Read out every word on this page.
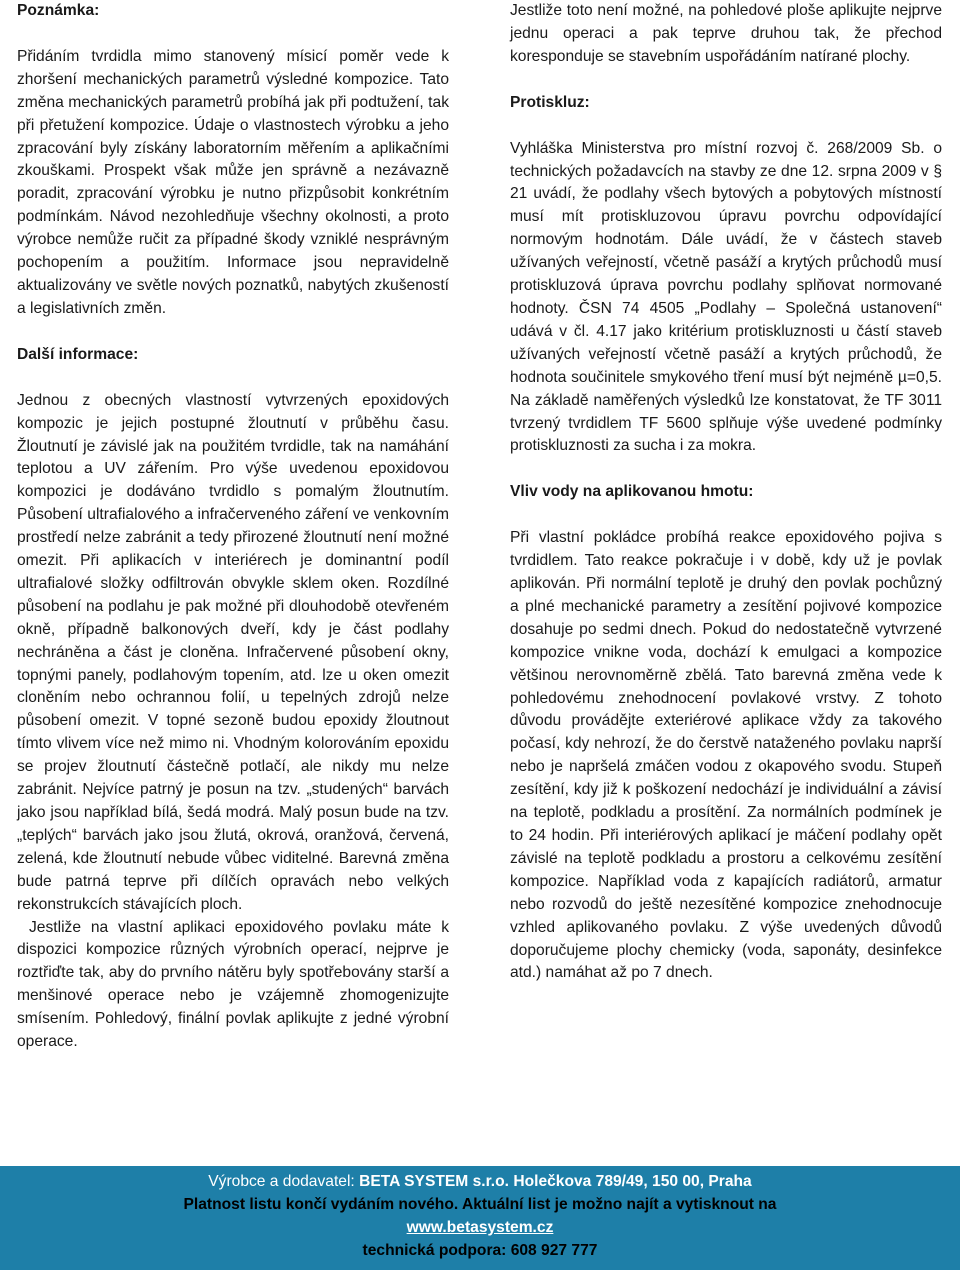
Poznámka:

Přidáním tvrdidla mimo stanovený mísicí poměr vede k zhoršení mechanických parametrů výsledné kompozice. Tato změna mechanických parametrů probíhá jak při podtužení, tak při přetužení kompozice. Údaje o vlastnostech výrobku a jeho zpracování byly získány laboratorním měřením a aplikačními zkouškami. Prospekt však může jen správně a nezávazně poradit, zpracování výrobku je nutno přizpůsobit konkrétním podmínkám. Návod nezohledňuje všechny okolnosti, a proto výrobce nemůže ručit za případné škody vzniklé nesprávným pochopením a použitím. Informace jsou nepravidelně aktualizovány ve světle nových poznatků, nabytých zkušeností a legislativních změn.

Další informace:

Jednou z obecných vlastností vytvrzených epoxidových kompozic je jejich postupné žloutnutí v průběhu času. Žloutnutí je závislé jak na použitém tvrdidle, tak na namáhání teplotou a UV zářením. Pro výše uvedenou epoxidovou kompozici je dodáváno tvrdidlo s pomalým žloutnutím. Působení ultrafialového a infračerveného záření ve venkovním prostředí nelze zabránit a tedy přirozené žloutnutí není možné omezit. Při aplikacích v interiérech je dominantní podíl ultrafialové složky odfiltrován obvykle sklem oken. Rozdílné působení na podlahu je pak možné při dlouhodobě otevřeném okně, případně balkonových dveří, kdy je část podlahy nechráněna a část je cloněna. Infračervené působení okny, topnými panely, podlahovým topením, atd. lze u oken omezit cloněním nebo ochrannou folií, u tepelných zdrojů nelze působení omezit. V topné sezoně budou epoxidy žloutnout tímto vlivem více než mimo ni. Vhodným kolorováním epoxidu se projev žloutnutí částečně potlačí, ale nikdy mu nelze zabránit. Nejvíce patrný je posun na tzv. „studených“ barvách jako jsou například bílá, šedá modrá. Malý posun bude na tzv. „teplých“ barvách jako jsou žlutá, okrová, oranžová, červená, zelená, kde žloutnutí nebude vůbec viditelné. Barevná změna bude patrná teprve při dílčích opravách nebo velkých rekonstrukcích stávajících ploch.

Jestliže na vlastní aplikaci epoxidového povlaku máte k dispozici kompozice různých výrobních operací, nejprve je roztřiďte tak, aby do prvního nátěru byly spotřebovány starší a menšinové operace nebo je vzájemně zhomogenizujte smísením. Pohledový, finální povlak aplikujte z jedné výrobní operace.

Jestliže toto není možné, na pohledové ploše aplikujte nejprve jednu operaci a pak teprve druhou tak, že přechod koresponduje se stavebním uspořádáním natírané plochy.

Protiskluz:

Vyhláška Ministerstva pro místní rozvoj č. 268/2009 Sb. o technických požadavcích na stavby ze dne 12. srpna 2009 v § 21 uvádí, že podlahy všech bytových a pobytových místností musí mít protiskluzovou úpravu povrchu odpovídající normovým hodnotám. Dále uvádí, že v částech staveb užívaných veřejností, včetně pasáží a krytých průchodů musí protiskluzová úprava povrchu podlahy splňovat normované hodnoty. ČSN 74 4505 „Podlahy – Společná ustanovení“ udává v čl. 4.17 jako kritérium protiskluznosti u částí staveb užívaných veřejností včetně pasáží a krytých průchodů, že hodnota součinitele smykového tření musí být nejméně µ=0,5. Na základě naměřených výsledků lze konstatovat, že TF 3011 tvrzený tvrdidlem TF 5600 splňuje výše uvedené podmínky protiskluznosti za sucha i za mokra.

Vliv vody na aplikovanou hmotu:

Při vlastní pokládce probíhá reakce epoxidového pojiva s tvrdidlem. Tato reakce pokračuje i v době, kdy už je povlak aplikován. Při normální teplotě je druhý den povlak pochůzný a plné mechanické parametry a zesítění pojivové kompozice dosahuje po sedmi dnech. Pokud do nedostatečně vytvrzené kompozice vnikne voda, dochází k emulgaci a kompozice většinou nerovnoměrně zbělá. Tato barevná změna vede k pohledovému znehodnocení povlakové vrstvy. Z tohoto důvodu provádějte exteriérové aplikace vždy za takového počasí, kdy nehrozí, že do čerstvě nataženého povlaku naprší nebo je napršelá zmáčen vodou z okapového svodu. Stupeň zesítění, kdy již k poškození nedochází je individuální a závisí na teplotě, podkladu a prosítění. Za normálních podmínek je to 24 hodin. Při interiérových aplikací je máčení podlahy opět závislé na teplotě podkladu a prostoru a celkovému zesítění kompozice. Například voda z kapajících radiátorů, armatur nebo rozvodů do ještě nezesítěné kompozice znehodnocuje vzhled aplikovaného povlaku. Z výše uvedených důvodů doporučujeme plochy chemicky (voda, saponáty, desinfekce atd.) namáhat až po 7 dnech.

Výrobce a dodavatel: BETA SYSTEM s.r.o. Holečkova 789/49, 150 00, Praha
Platnost listu končí vydáním nového. Aktuální list je možno najít a vytisknout na
www.betasystem.cz
technická podpora: 608 927 777
